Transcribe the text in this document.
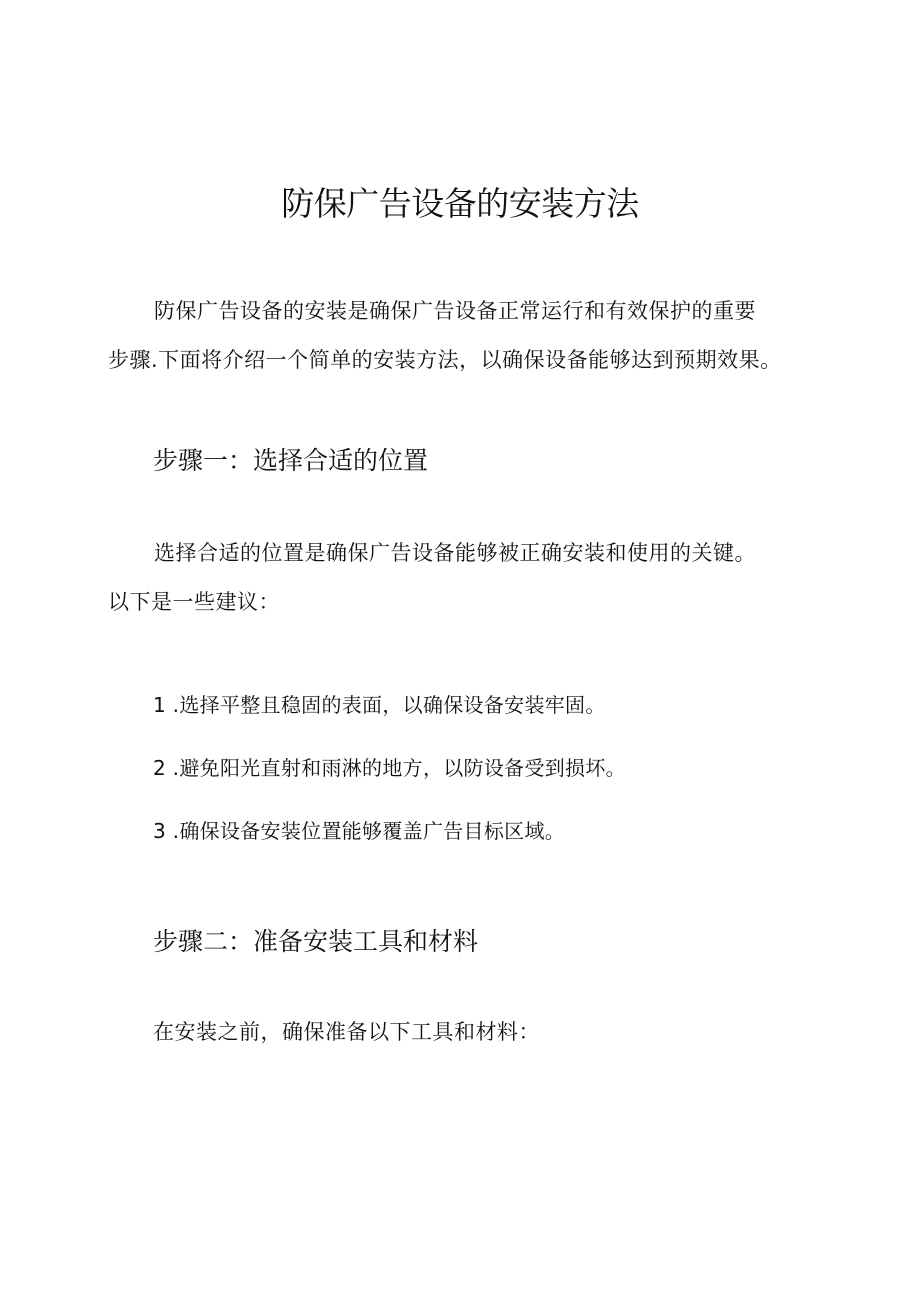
防保广告设备的安装方法

防保广告设备的安装是确保广告设备正常运行和有效保护的重要
步骤.下面将介绍一个简单的安装方法，以确保设备能够达到预期效果。

步骤一：选择合适的位置

选择合适的位置是确保广告设备能够被正确安装和使用的关键。
以下是一些建议：

1 .选择平整且稳固的表面，以确保设备安装牢固。

2 .避免阳光直射和雨淋的地方，以防设备受到损坏。

3 .确保设备安装位置能够覆盖广告目标区域。

步骤二：准备安装工具和材料

在安装之前，确保准备以下工具和材料：
